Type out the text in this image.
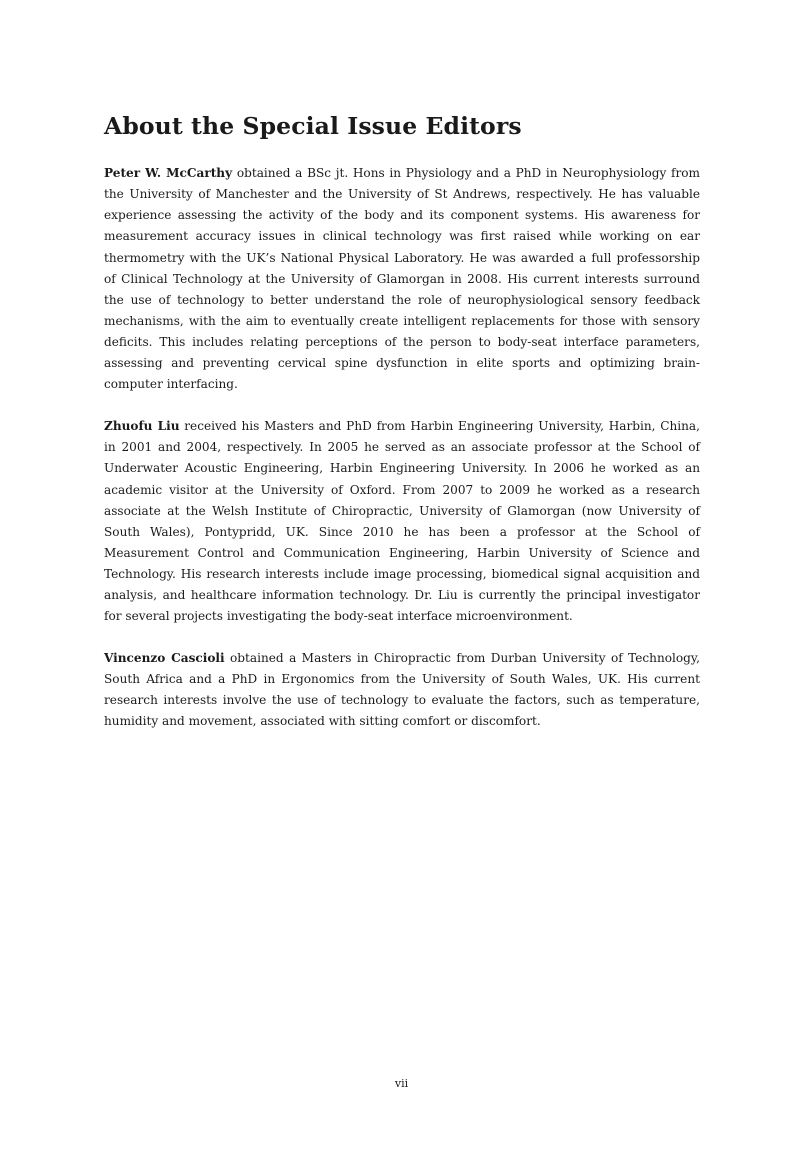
About the Special Issue Editors

Peter W. McCarthy obtained a BSc jt. Hons in Physiology and a PhD in Neurophysiology from the University of Manchester and the University of St Andrews, respectively. He has valuable experience assessing the activity of the body and its component systems. His awareness for measurement accuracy issues in clinical technology was first raised while working on ear thermometry with the UK’s National Physical Laboratory. He was awarded a full professorship of Clinical Technology at the University of Glamorgan in 2008. His current interests surround the use of technology to better understand the role of neurophysiological sensory feedback mechanisms, with the aim to eventually create intelligent replacements for those with sensory deficits. This includes relating perceptions of the person to body-seat interface parameters, assessing and preventing cervical spine dysfunction in elite sports and optimizing brain-computer interfacing.

Zhuofu Liu received his Masters and PhD from Harbin Engineering University, Harbin, China, in 2001 and 2004, respectively. In 2005 he served as an associate professor at the School of Underwater Acoustic Engineering, Harbin Engineering University. In 2006 he worked as an academic visitor at the University of Oxford. From 2007 to 2009 he worked as a research associate at the Welsh Institute of Chiropractic, University of Glamorgan (now University of South Wales), Pontypridd, UK. Since 2010 he has been a professor at the School of Measurement Control and Communication Engineering, Harbin University of Science and Technology. His research interests include image processing, biomedical signal acquisition and analysis, and healthcare information technology. Dr. Liu is currently the principal investigator for several projects investigating the body-seat interface microenvironment.

Vincenzo Cascioli obtained a Masters in Chiropractic from Durban University of Technology, South Africa and a PhD in Ergonomics from the University of South Wales, UK. His current research interests involve the use of technology to evaluate the factors, such as temperature, humidity and movement, associated with sitting comfort or discomfort.

vii
